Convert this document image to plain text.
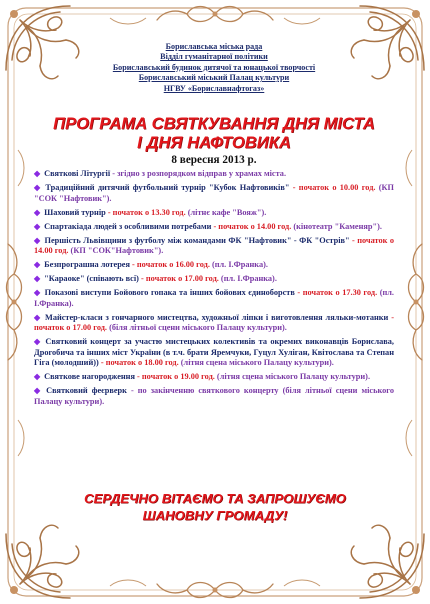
Бориславська міська рада
Відділ гуманітарної політики
Бориславський будинок дитячої та юнацької творчості
Бориславський міський Палац культури
НГВУ «Бориславнафтогаз»
ПРОГРАМА СВЯТКУВАННЯ ДНЯ МІСТА
І ДНЯ НАФТОВИКА
8 вересня 2013 р.
◆ Святкові Літургії - згідно з розпорядком відправ у храмах міста.
◆ Традиційний дитячий футбольний турнір "Кубок Нафтовиків" - початок о 10.00 год. (КП "СОК "Нафтовик").
◆ Шаховий турнір - початок о 13.30 год. (літнє кафе "Вояж").
◆ Спартакіада людей з особливими потребами - початок о 14.00 год. (кінотеатр "Каменяр").
◆ Першість Львівщини з футболу між командами ФК "Нафтовик" - ФК "Острів" - початок о 14.00 год. (КП "СОК"Нафтовик").
◆ Безпрограшна лотерея - початок о 16.00 год. (пл. І.Франка).
◆ "Караоке" (співають всі) - початок о 17.00 год. (пл. І.Франка).
◆ Показові виступи Бойового гопака та інших бойових єдиноборств - початок о 17.30 год. (пл. І.Франка).
◆ Майстер-класи з гончарного мистецтва, художньої ліпки і виготовлення ляльки-мотанки - початок о 17.00 год. (біля літньої сцени міського Палацу культури).
◆ Святковий концерт за участю мистецьких колективів та окремих виконавців Борислава, Дрогобича та інших міст України (в т.ч. брати Яремчуки, Гуцул Хуліган, Квітослава та Степан Гіга (молодший)) - початок о 18.00 год. (літня сцена міського Палацу культури).
◆ Святкове нагородження - початок о 19.00 год. (літня сцена міського Палацу культури).
◆ Святковий феєрверк - по закінченню святкового концерту (біля літньої сцени міського Палацу культури).
СЕРДЕЧНО ВІТАЄМО ТА ЗАПРОШУЄМО
ШАНОВНУ ГРОМАДУ!
